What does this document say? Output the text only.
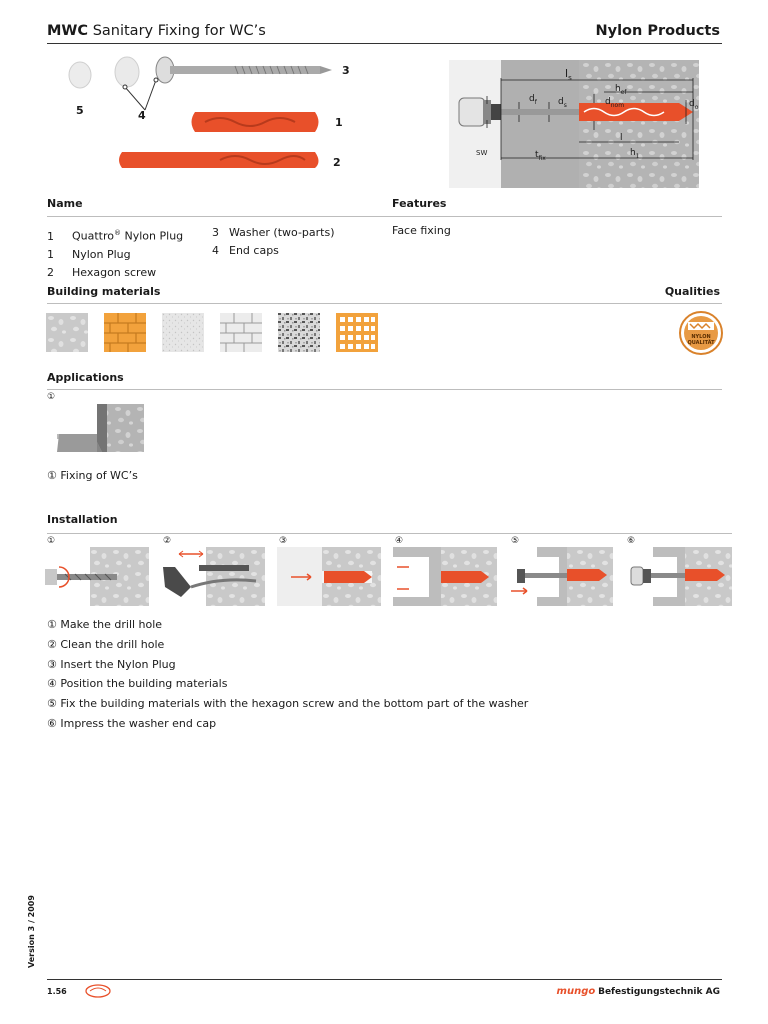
MWC Sanitary Fixing for WC’s	Nylon Products
3
5	4
1
2
$l_s$
$h_{ef}$
$d_f$ $d_s$	$d_{nom}$	$d_o$
SW	$t_{fix}$
l
$h_1$
Name	Features
1 Quattro® Nylon Plug
1 Nylon Plug
2 Hexagon screw
3 Washer (two-parts)
4 End caps
Face fixing
Building materials	Qualities
NYLON
QUALITÄT
Applications
①
① Fixing of WC’s
Installation
①	②	③	④	⑤	⑥
① Make the drill hole
② Clean the drill hole
③ Insert the Nylon Plug
④ Position the building materials
⑤ Fix the building materials with the hexagon screw and the bottom part of the washer
⑥ Impress the washer end cap
Version 3 / 2009
1.56	mungo Befestigungstechnik AG
